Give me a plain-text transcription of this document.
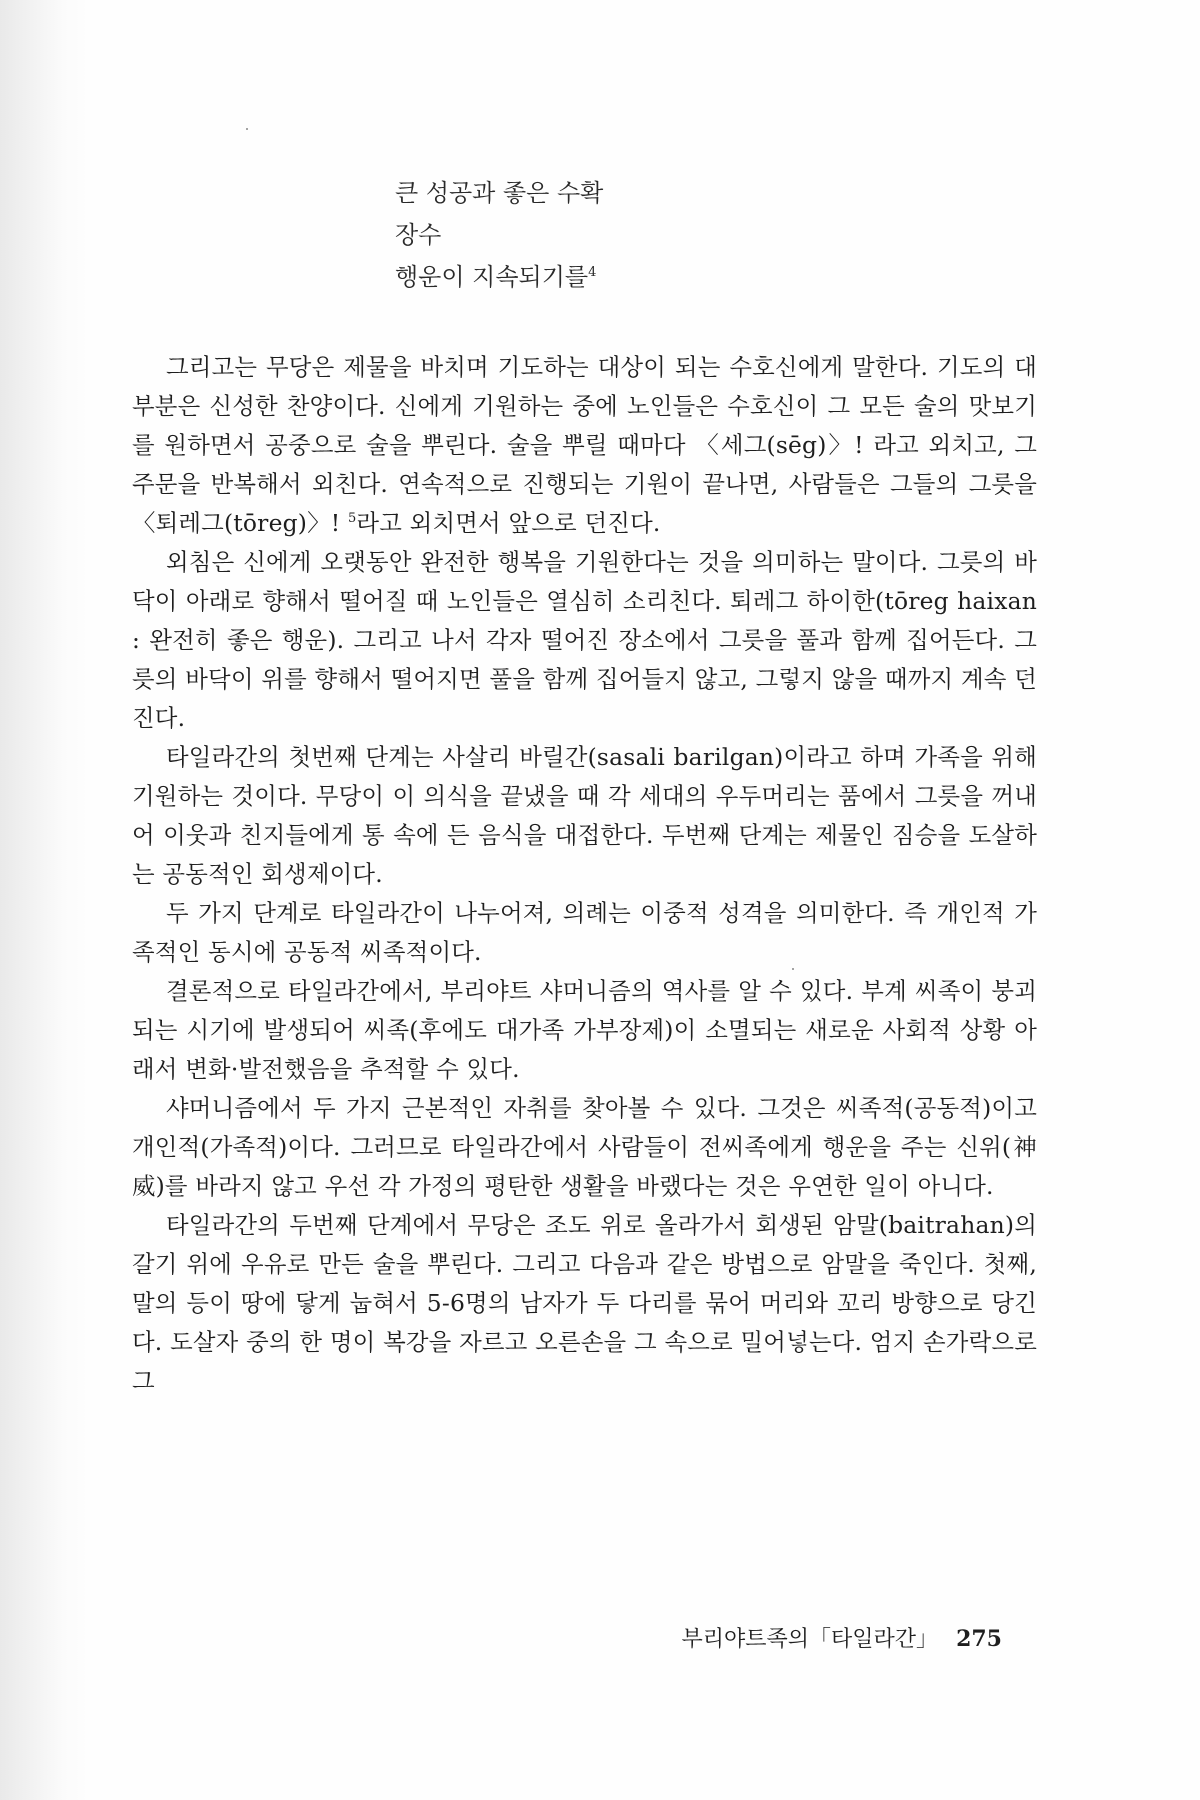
큰 성공과 좋은 수확
장수
행운이 지속되기를$^4$

그리고는 무당은 제물을 바치며 기도하는 대상이 되는 수호신에게 말한다. 기도의 대부분은 신성한 찬양이다. 신에게 기원하는 중에 노인들은 수호신이 그 모든 술의 맛보기를 원하면서 공중으로 술을 뿌린다. 술을 뿌릴 때마다 〈세그(sēg)〉! 라고 외치고, 그 주문을 반복해서 외친다. 연속적으로 진행되는 기원이 끝나면, 사람들은 그들의 그릇을 〈퇴레그(tōreg)〉! $^5$라고 외치면서 앞으로 던진다.

외침은 신에게 오랫동안 완전한 행복을 기원한다는 것을 의미하는 말이다. 그릇의 바닥이 아래로 향해서 떨어질 때 노인들은 열심히 소리친다. 퇴레그 하이한(tōreg haixan : 완전히 좋은 행운). 그리고 나서 각자 떨어진 장소에서 그릇을 풀과 함께 집어든다. 그릇의 바닥이 위를 향해서 떨어지면 풀을 함께 집어들지 않고, 그렇지 않을 때까지 계속 던진다.

타일라간의 첫번째 단계는 사살리 바릴간(sasali barilgan)이라고 하며 가족을 위해 기원하는 것이다. 무당이 이 의식을 끝냈을 때 각 세대의 우두머리는 품에서 그릇을 꺼내어 이웃과 친지들에게 통 속에 든 음식을 대접한다. 두번째 단계는 제물인 짐승을 도살하는 공동적인 회생제이다.

두 가지 단계로 타일라간이 나누어져, 의례는 이중적 성격을 의미한다. 즉 개인적 가족적인 동시에 공동적 씨족적이다.

결론적으로 타일라간에서, 부리야트 샤머니즘의 역사를 알 수 있다. 부계 씨족이 붕괴되는 시기에 발생되어 씨족(후에도 대가족 가부장제)이 소멸되는 새로운 사회적 상황 아래서 변화·발전했음을 추적할 수 있다.

샤머니즘에서 두 가지 근본적인 자취를 찾아볼 수 있다. 그것은 씨족적(공동적)이고 개인적(가족적)이다. 그러므로 타일라간에서 사람들이 전씨족에게 행운을 주는 신위(神威)를 바라지 않고 우선 각 가정의 평탄한 생활을 바랬다는 것은 우연한 일이 아니다.

타일라간의 두번째 단계에서 무당은 조도 위로 올라가서 회생된 암말(baitrahan)의 갈기 위에 우유로 만든 술을 뿌린다. 그리고 다음과 같은 방법으로 암말을 죽인다. 첫째, 말의 등이 땅에 닿게 눕혀서 5-6명의 남자가 두 다리를 묶어 머리와 꼬리 방향으로 당긴다. 도살자 중의 한 명이 복강을 자르고 오른손을 그 속으로 밀어넣는다. 엄지 손가락으로 그

부리야트족의「타일라간」 275
